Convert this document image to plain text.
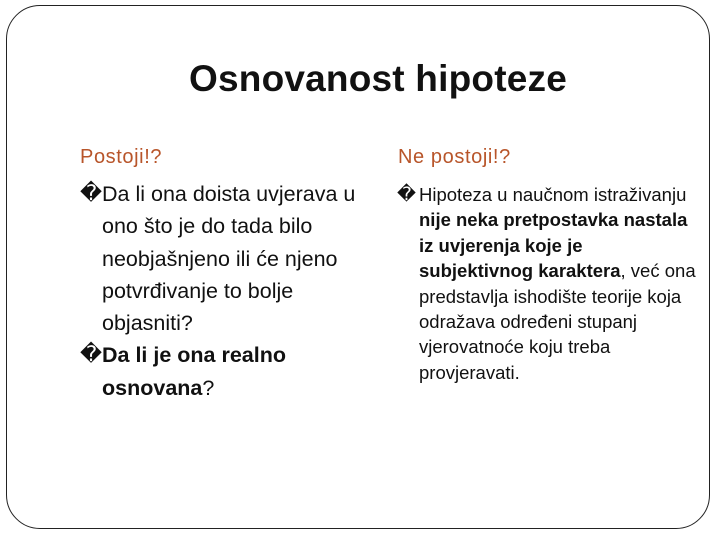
Osnovanost hipoteze
Postoji!?	Ne postoji!?
� Da li ona doista uvjerava u ono što je do tada bilo neobjašnjeno ili će njeno potvrđivanje to bolje objasniti?
� Da li je ona realno osnovana?
� Hipoteza u naučnom istraživanju nije neka pretpostavka nastala iz uvjerenja koje je subjektivnog karaktera, već ona predstavlja ishodište teorije koja odražava određeni stupanj vjerovatnoće koju treba provjeravati.
